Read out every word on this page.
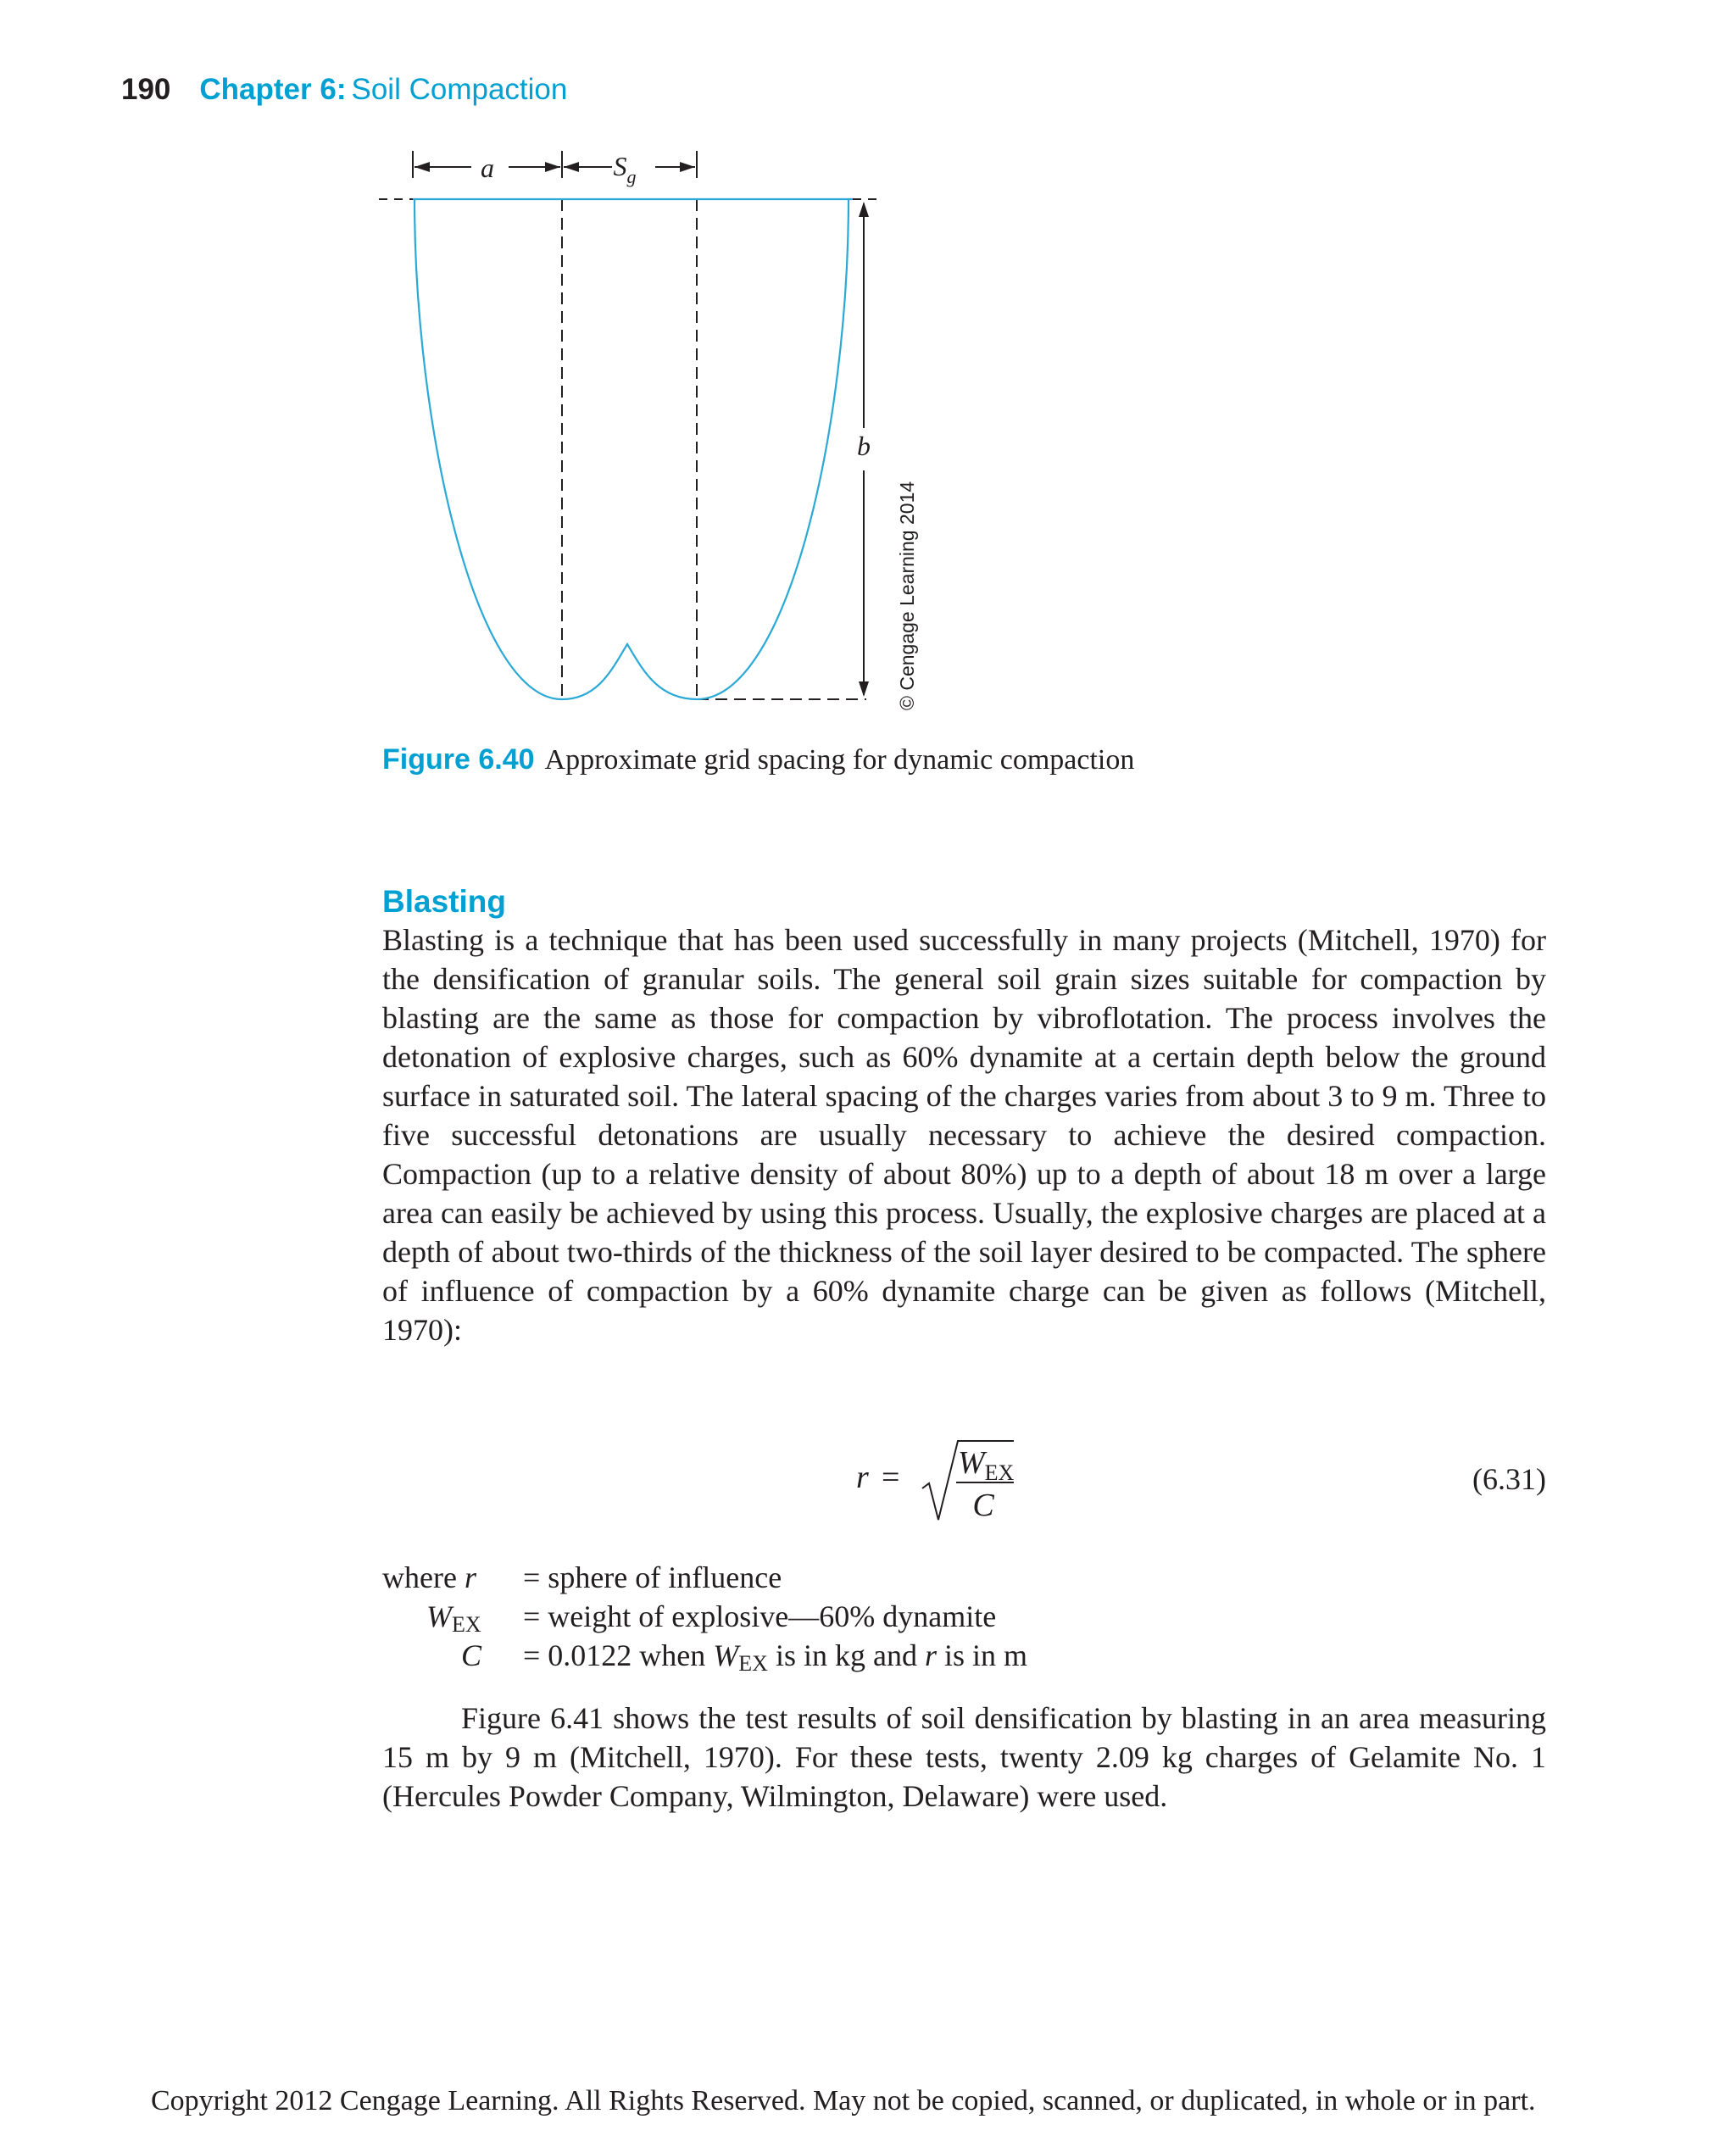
190 Chapter 6: Soil Compaction
a	$S_g$
b
© Cengage Learning 2014
Figure 6.40 Approximate grid spacing for dynamic compaction
Blasting

Blasting is a technique that has been used successfully in many projects (Mitchell, 1970) for the densification of granular soils. The general soil grain sizes suitable for compaction by blasting are the same as those for compaction by vibroflotation. The process involves the detonation of explosive charges, such as 60% dynamite at a certain depth below the ground surface in saturated soil. The lateral spacing of the charges varies from about 3 to 9 m. Three to five successful detonations are usually necessary to achieve the desired compaction. Compaction (up to a relative density of about 80%) up to a depth of about 18 m over a large area can easily be achieved by using this process. Usually, the explosive charges are placed at a depth of about two-thirds of the thickness of the soil layer desired to be compacted. The sphere of influence of compaction by a 60% dynamite charge can be given as follows (Mitchell, 1970):

$r = W_{EX}$
C
(6.31)
where r = sphere of influence
$W_{EX}$ = weight of explosive—60% dynamite
C = 0.0122 when $W_{EX}$ is in kg and r is in m

Figure 6.41 shows the test results of soil densification by blasting in an area measuring 15 m by 9 m (Mitchell, 1970). For these tests, twenty 2.09 kg charges of Gelamite No. 1 (Hercules Powder Company, Wilmington, Delaware) were used.

Copyright 2012 Cengage Learning. All Rights Reserved. May not be copied, scanned, or duplicated, in whole or in part.
